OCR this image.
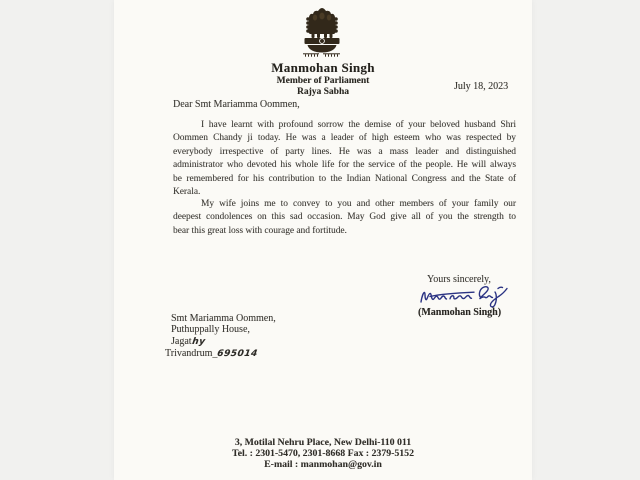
Manmohan Singh
Member of Parliament
Rajya Sabha	July 18, 2023
Dear Smt Mariamma Oommen,
I have learnt with profound sorrow the demise of your beloved husband Shri
Oommen Chandy ji today. He was a leader of high esteem who was respected by
everybody irrespective of party lines. He was a mass leader and distinguished
administrator who devoted his whole life for the service of the people. He will always
be remembered for his contribution to the Indian National Congress and the State of
Kerala.
My wife joins me to convey to you and other members of your family our
deepest condolences on this sad occasion. May God give all of you the strength to
bear this great loss with courage and fortitude.
Yours sincerely,
(Manmohan Singh)
Smt Mariamma Oommen,
Puthuppally House,
Jagathy
Trivandrum_695014
3, Motilal Nehru Place, New Delhi-110 011
Tel. : 2301-5470, 2301-8668 Fax : 2379-5152
E-mail : manmohan@gov.in
